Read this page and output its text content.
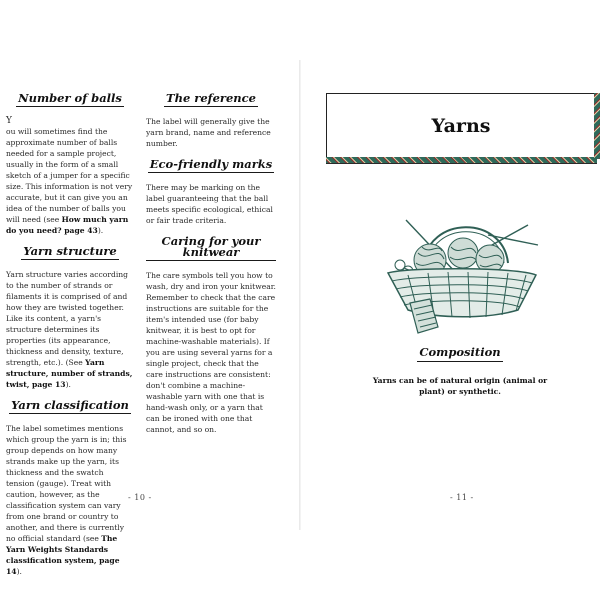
Number of balls

Y
ou will sometimes find the approximate number of balls needed for a sample project, usually in the form of a small sketch of a jumper for a specific size. This information is not very accurate, but it can give you an idea of the number of balls you will need (see How much yarn do you need? page 43).

Yarn structure

Yarn structure varies according to the number of strands or filaments it is comprised of and how they are twisted together. Like its content, a yarn's structure determines its properties (its appearance, thickness and density, texture, strength, etc.). (See Yarn structure, number of strands, twist, page 13).

Yarn classification

The label sometimes mentions which group the yarn is in; this group depends on how many strands make up the yarn, its thickness and the swatch tension (gauge). Treat with caution, however, as the classification system can vary from one brand or country to another, and there is currently no official standard (see The Yarn Weights Standards classification system, page 14).

The reference

The label will generally give the yarn brand, name and reference number.

Eco-friendly marks

There may be marking on the label guaranteeing that the ball meets specific ecological, ethical or fair trade criteria.

Caring for your knitwear

The care symbols tell you how to wash, dry and iron your knitwear. Remember to check that the care instructions are suitable for the item's intended use (for baby knitwear, it is best to opt for machine-washable materials). If you are using several yarns for a single project, check that the care instructions are consistent: don't combine a machine-washable yarn with one that is hand-wash only, or a yarn that can be ironed with one that cannot, and so on.

- 10 -
Yarns
Composition
Yarns can be of natural origin (animal or plant) or synthetic.
- 11 -
